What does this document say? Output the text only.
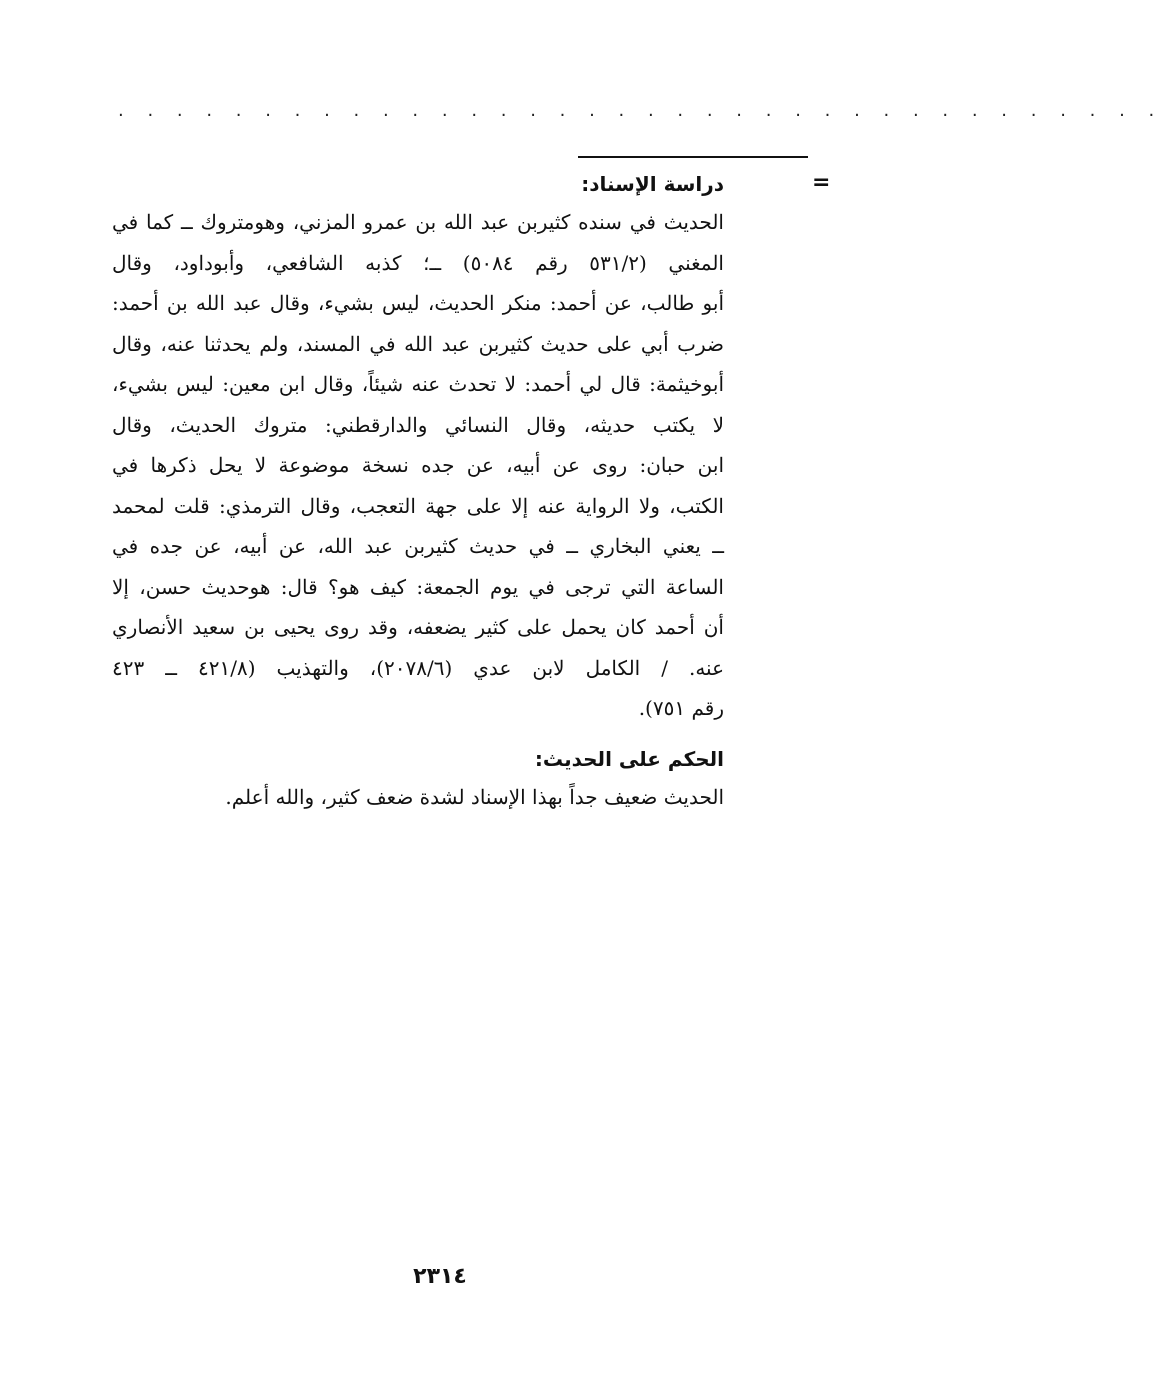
. . . . . . . . . . . . . . . . . . . . . . . . . . . . . . . . . . . .
=
دراسة الإسناد:
الحديث في سنده كثيربن عبد الله بن عمرو المزني، وهومتروك ــ كما في
المغني (٥٣١/٢ رقم ٥٠٨٤) ــ؛ كذبه الشافعي، وأبوداود، وقال
أبو طالب، عن أحمد: منكر الحديث، ليس بشيء، وقال عبد الله بن أحمد:
ضرب أبي على حديث كثيربن عبد الله في المسند، ولم يحدثنا عنه، وقال
أبوخيثمة: قال لي أحمد: لا تحدث عنه شيئاً، وقال ابن معين: ليس بشيء،
لا يكتب حديثه، وقال النسائي والدارقطني: متروك الحديث، وقال
ابن حبان: روى عن أبيه، عن جده نسخة موضوعة لا يحل ذكرها في
الكتب، ولا الرواية عنه إلا على جهة التعجب، وقال الترمذي: قلت لمحمد
ــ يعني البخاري ــ في حديث كثيربن عبد الله، عن أبيه، عن جده في
الساعة التي ترجى في يوم الجمعة: كيف هو؟ قال: هوحديث حسن، إلا
أن أحمد كان يحمل على كثير يضعفه، وقد روى يحيى بن سعيد الأنصاري
عنه. / الكامل لابن عدي (٢٠٧٨/٦)، والتهذيب (٤٢١/٨ ــ ٤٢٣
رقم ٧٥١).
الحكم على الحديث:
الحديث ضعيف جداً بهذا الإسناد لشدة ضعف كثير، والله أعلم.
٢٣١٤
